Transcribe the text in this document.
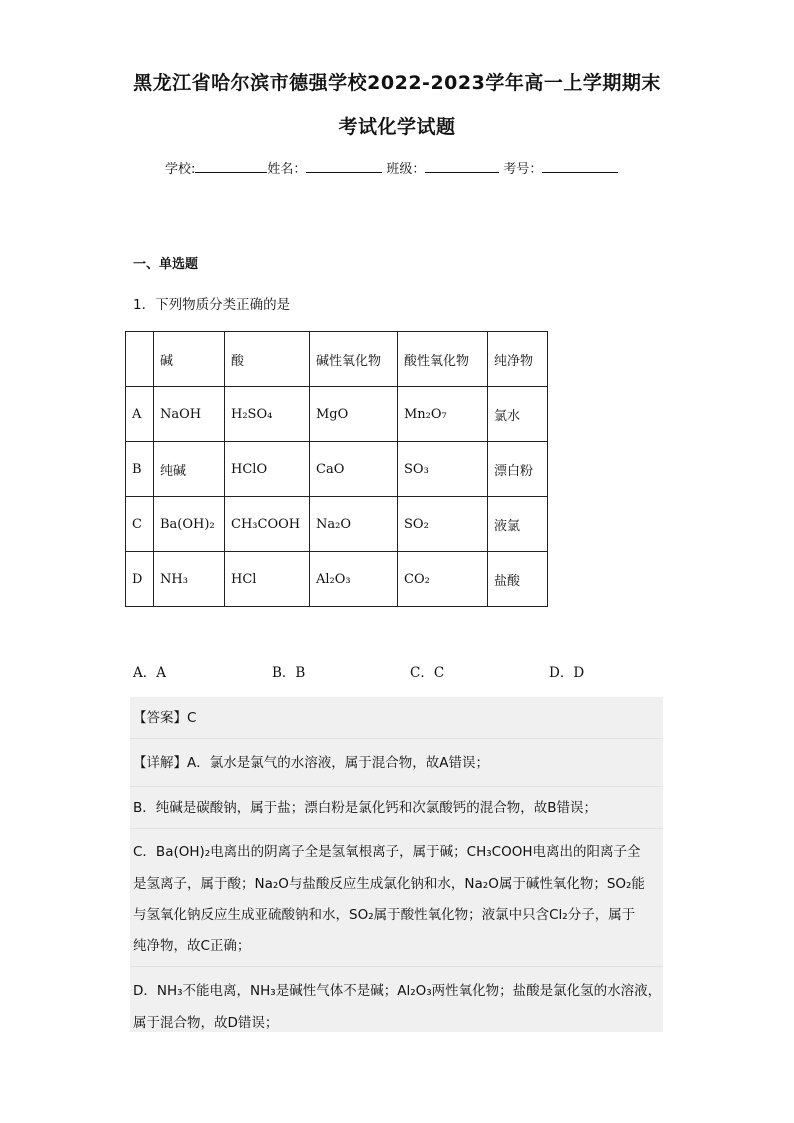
黑龙江省哈尔滨市德强学校2022-2023学年高一上学期期末
考试化学试题
学校:	姓名：	班级：	考号：
一、单选题
1．下列物质分类正确的是
	碱	酸	碱性氧化物	酸性氧化物	纯净物
A	NaOH	H₂SO₄	MgO	Mn₂O₇	氯水
B	纯碱	HClO	CaO	SO₃	漂白粉
C	Ba(OH)₂	CH₃COOH	Na₂O	SO₂	液氯
D	NH₃	HCl	Al₂O₃	CO₂	盐酸
A．A	B．B	C．C	D．D
【答案】C
【详解】A．氯水是氯气的水溶液，属于混合物，故A错误；
B．纯碱是碳酸钠，属于盐；漂白粉是氯化钙和次氯酸钙的混合物，故B错误；
C．Ba(OH)₂电离出的阴离子全是氢氧根离子，属于碱；CH₃COOH电离出的阳离子全
是氢离子，属于酸；Na₂O与盐酸反应生成氯化钠和水，Na₂O属于碱性氧化物；SO₂能
与氢氧化钠反应生成亚硫酸钠和水，SO₂属于酸性氧化物；液氯中只含Cl₂分子，属于
纯净物，故C正确；
D．NH₃不能电离，NH₃是碱性气体不是碱；Al₂O₃两性氧化物；盐酸是氯化氢的水溶液，
属于混合物，故D错误；
